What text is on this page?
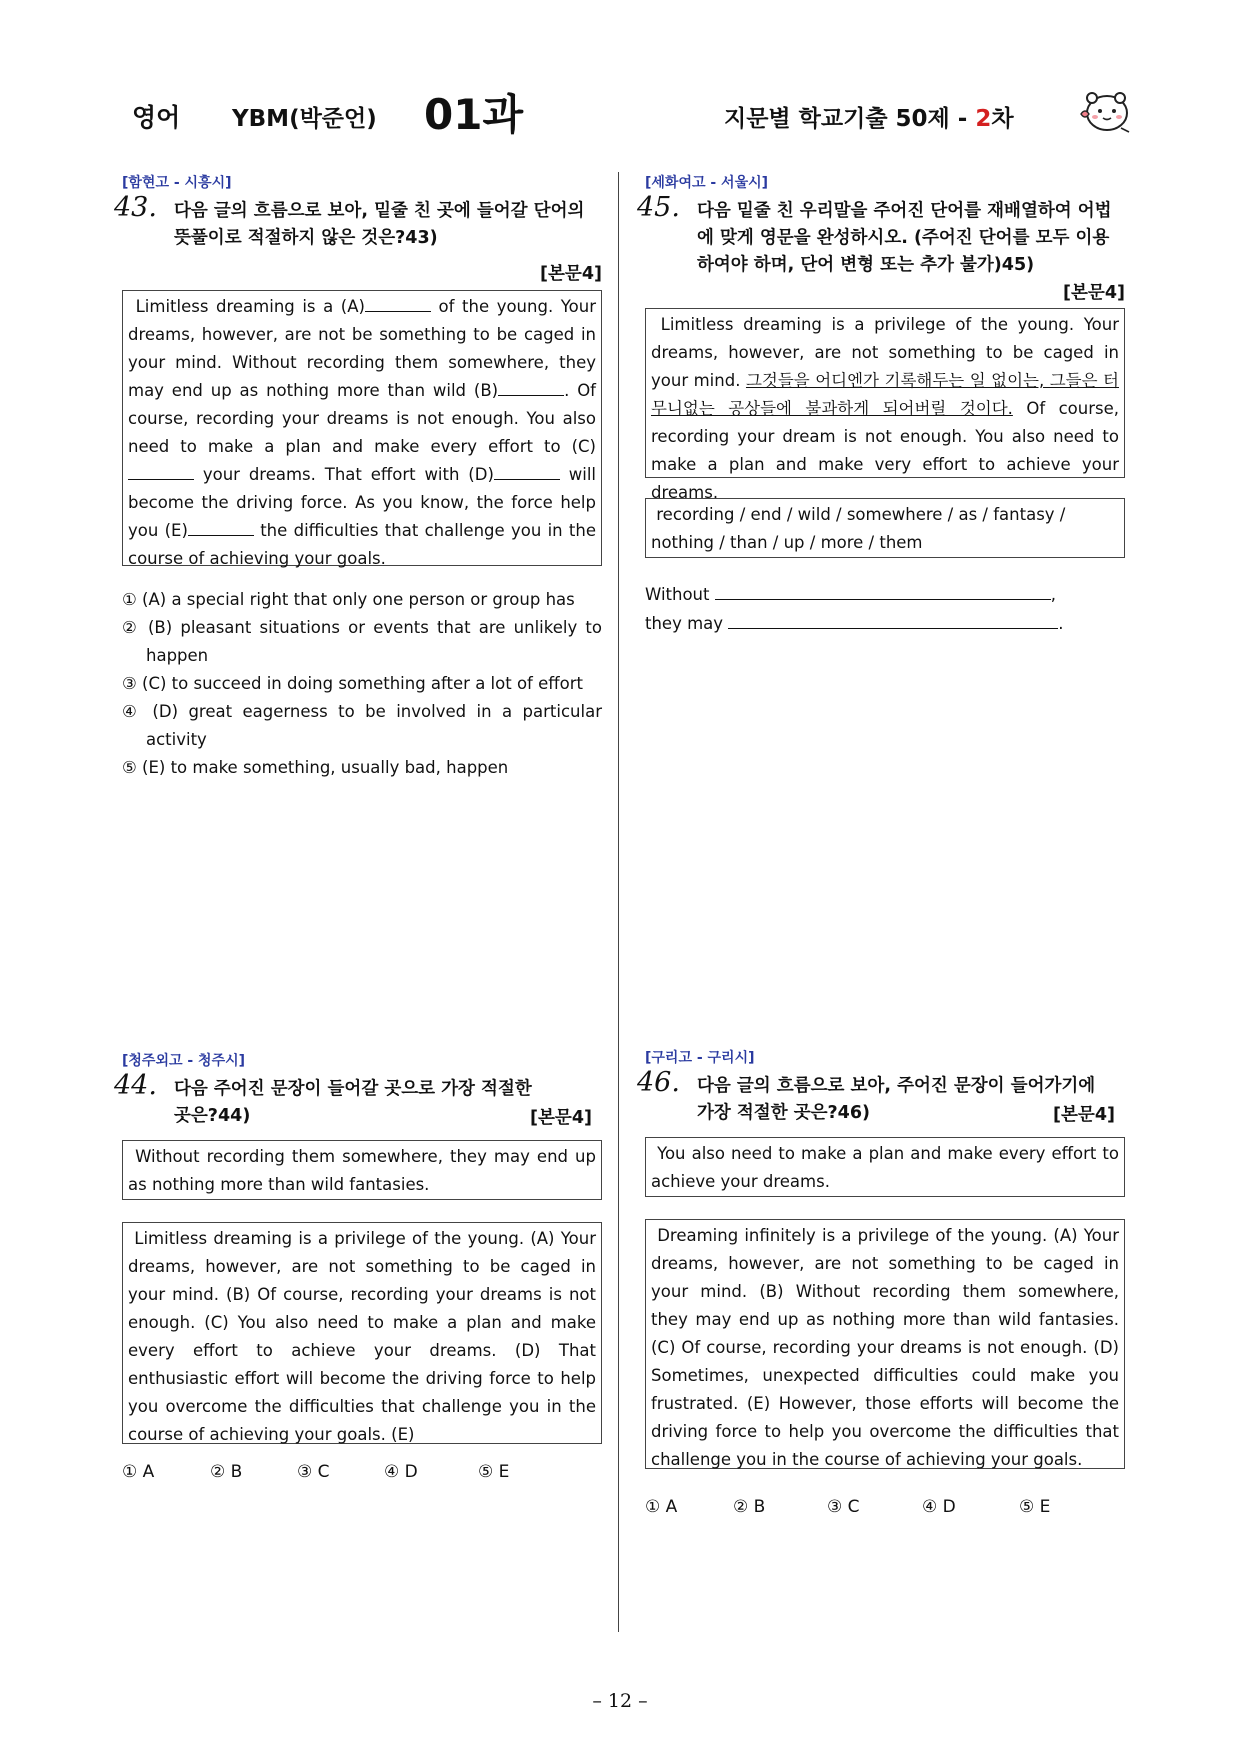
영어 YBM(박준언) 01과	지문별 학교기출 50제 - 2차
[함현고 - 시흥시]
43. 다음 글의 흐름으로 보아, 밑줄 친 곳에 들어갈 단어의 뜻풀이로 적절하지 않은 것은?43)
[본문4]
Limitless dreaming is a (A)	of the young. Your dreams, however, are not be something to be caged in your mind. Without recording them somewhere, they may end up as nothing more than wild (B)	. Of course, recording your dreams is not enough. You also need to make a plan and make every effort to (C) your dreams. That effort with (D)	will become the driving force. As you know, the force help you (E)	the difficulties that challenge you in the course of achieving your goals.
① (A) a special right that only one person or group has
② (B) pleasant situations or events that are unlikely to happen
③ (C) to succeed in doing something after a lot of effort
④ (D) great eagerness to be involved in a particular activity
⑤ (E) to make something, usually bad, happen
[청주외고 - 청주시]
44. 다음 주어진 문장이 들어갈 곳으로 가장 적절한 곳은?44)	[본문4]
Without recording them somewhere, they may end up as nothing more than wild fantasies.
Limitless dreaming is a privilege of the young. (A) Your dreams, however, are not something to be caged in your mind. (B) Of course, recording your dreams is not enough. (C) You also need to make a plan and make every effort to achieve your dreams. (D) That enthusiastic effort will become the driving force to help you overcome the difficulties that challenge you in the course of achieving your goals. (E)
① A	② B	③ C	④ D	⑤ E
[세화여고 - 서울시]
45. 다음 밑줄 친 우리말을 주어진 단어를 재배열하여 어법에 맞게 영문을 완성하시오. (주어진 단어를 모두 이용하여야 하며, 단어 변형 또는 추가 불가)45)
[본문4]
Limitless dreaming is a privilege of the young. Your dreams, however, are not something to be caged in your mind. 그것들을 어디엔가 기록해두는 일 없이는, 그들은 터무니없는 공상들에 불과하게 되어버릴 것이다. Of course, recording your dream is not enough. You also need to make a plan and make very effort to achieve your dreams.
recording / end / wild / somewhere / as / fantasy / nothing / than / up / more / them
Without	,
they may	.
[구리고 - 구리시]
46. 다음 글의 흐름으로 보아, 주어진 문장이 들어가기에 가장 적절한 곳은?46)	[본문4]
You also need to make a plan and make every effort to achieve your dreams.
Dreaming infinitely is a privilege of the young. (A) Your dreams, however, are not something to be caged in your mind. (B) Without recording them somewhere, they may end up as nothing more than wild fantasies. (C) Of course, recording your dreams is not enough. (D) Sometimes, unexpected difficulties could make you frustrated. (E) However, those efforts will become the driving force to help you overcome the difficulties that challenge you in the course of achieving your goals.
① A	② B	③ C	④ D	⑤ E
– 12 –
